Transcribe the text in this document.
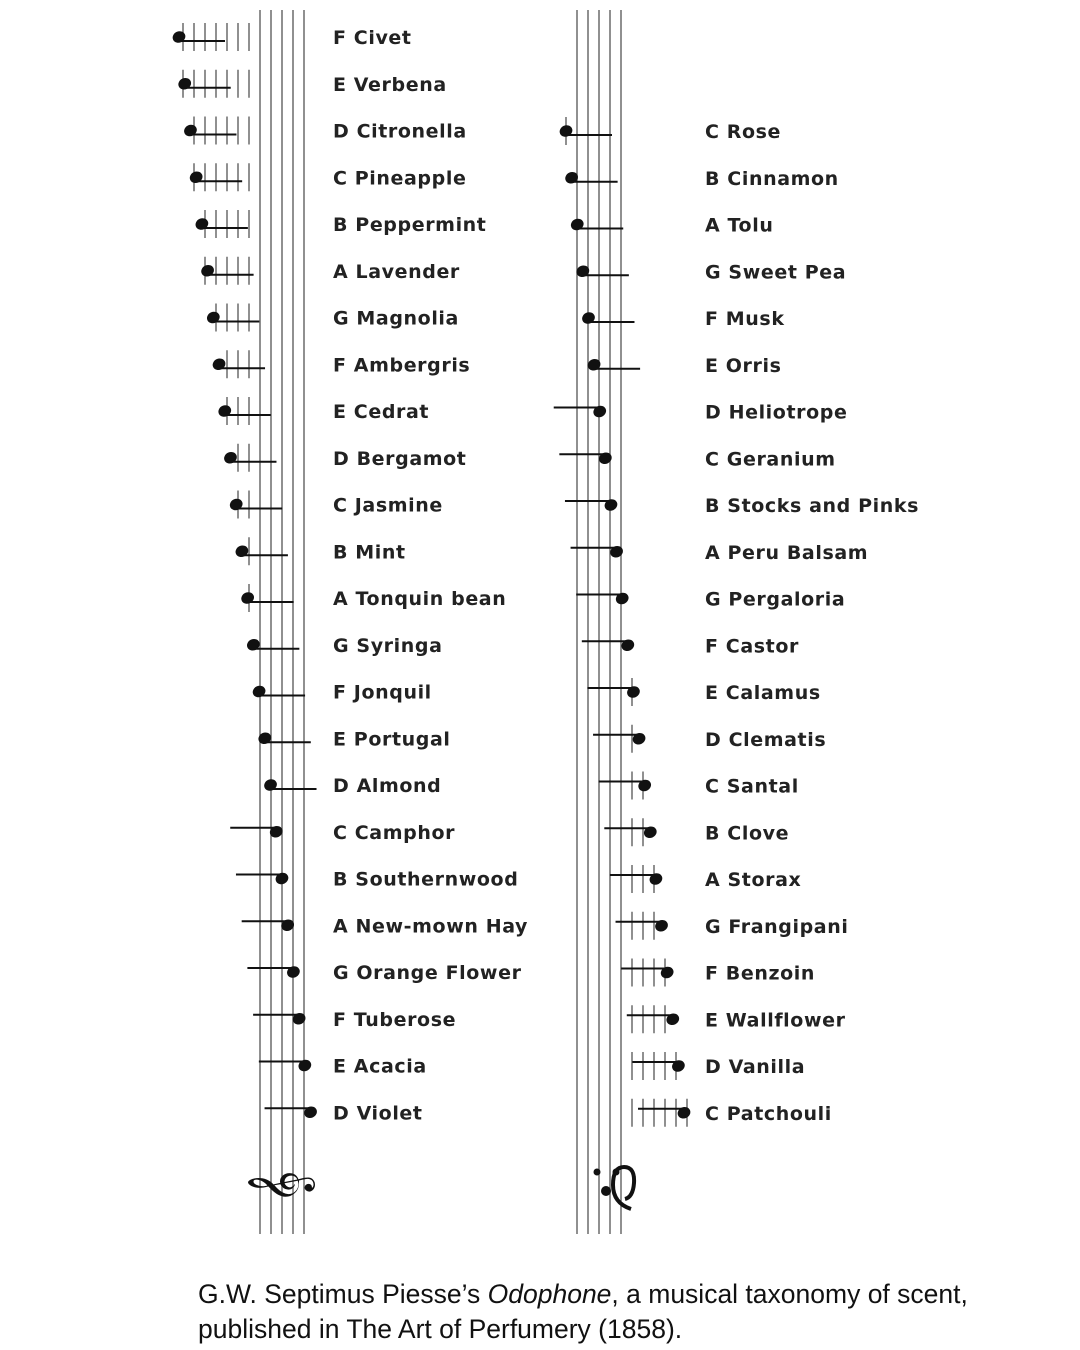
F Civet
E Verbena
D Citronella
C Pineapple
B Peppermint
A Lavender
G Magnolia
F Ambergris
E Cedrat
D Bergamot
C Jasmine
B Mint
A Tonquin bean
G Syringa
F Jonquil
E Portugal
D Almond
C Camphor
B Southernwood
A New-mown Hay
G Orange Flower
F Tuberose
E Acacia
D Violet
C Rose
B Cinnamon
A Tolu
G Sweet Pea
F Musk
E Orris
D Heliotrope
C Geranium
B Stocks and Pinks
A Peru Balsam
G Pergaloria
F Castor
E Calamus
D Clematis
C Santal
B Clove
A Storax
G Frangipani
F Benzoin
E Wallflower
D Vanilla
C Patchouli
𝄞

G.W. Septimus Piesse’s Odophone, a musical taxonomy of scent, published in The Art of Perfumery (1858).
